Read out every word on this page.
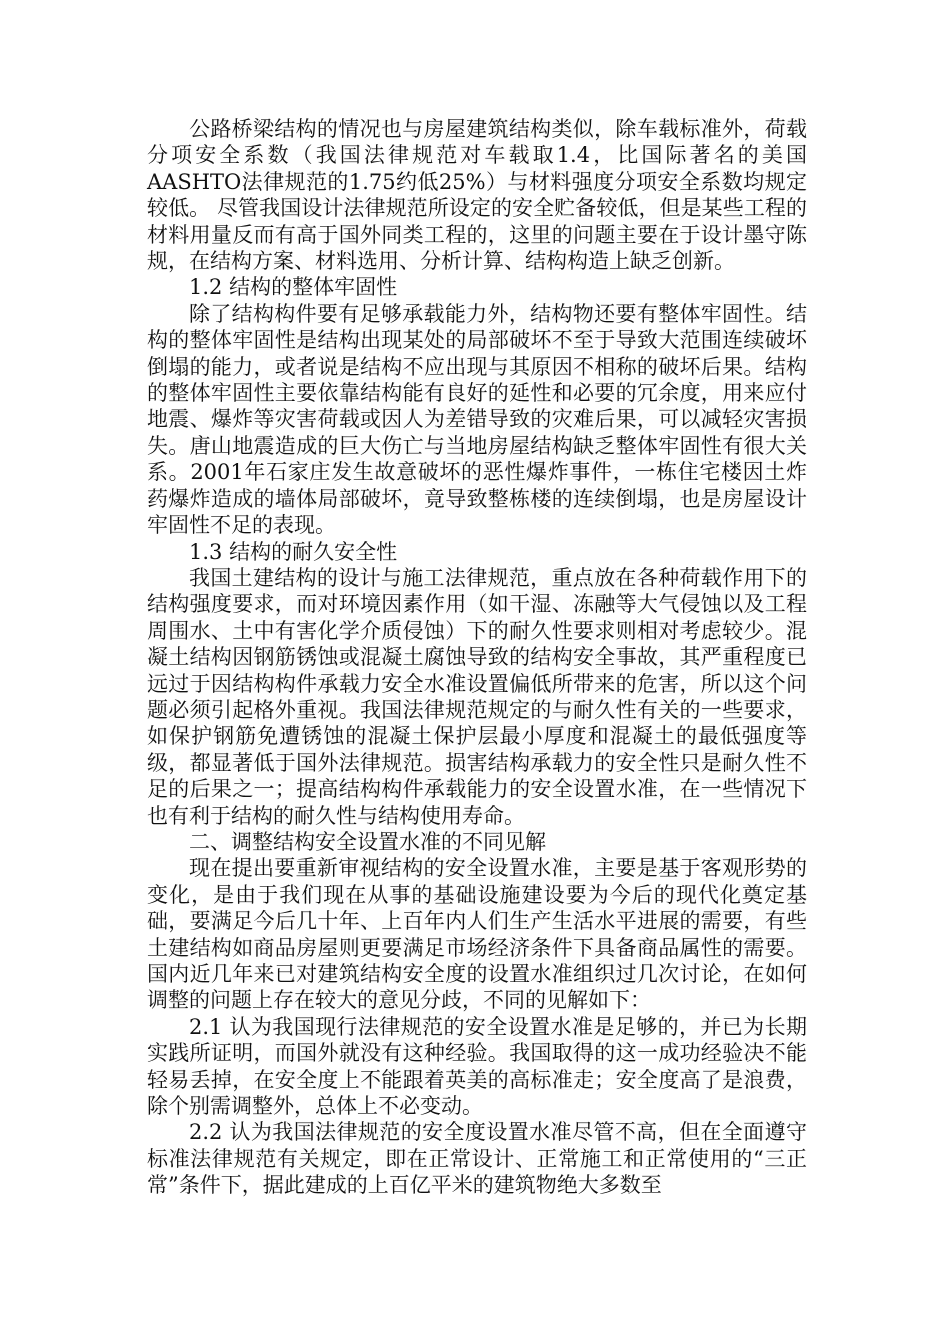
公路桥梁结构的情况也与房屋建筑结构类似，除车载标准外，荷载分项安全系数（我国法律规范对车载取1.4，比国际著名的美国AASHTO法律规范的1.75约低25%）与材料强度分项安全系数均规定较低。 尽管我国设计法律规范所设定的安全贮备较低，但是某些工程的材料用量反而有高于国外同类工程的，这里的问题主要在于设计墨守陈规，在结构方案、材料选用、分析计算、结构构造上缺乏创新。

1.2 结构的整体牢固性

除了结构构件要有足够承载能力外，结构物还要有整体牢固性。结构的整体牢固性是结构出现某处的局部破坏不至于导致大范围连续破坏倒塌的能力，或者说是结构不应出现与其原因不相称的破坏后果。结构的整体牢固性主要依靠结构能有良好的延性和必要的冗余度，用来应付地震、爆炸等灾害荷载或因人为差错导致的灾难后果，可以减轻灾害损失。唐山地震造成的巨大伤亡与当地房屋结构缺乏整体牢固性有很大关系。2001年石家庄发生故意破坏的恶性爆炸事件，一栋住宅楼因土炸药爆炸造成的墙体局部破坏，竟导致整栋楼的连续倒塌，也是房屋设计牢固性不足的表现。

1.3 结构的耐久安全性

我国土建结构的设计与施工法律规范，重点放在各种荷载作用下的结构强度要求，而对环境因素作用（如干湿、冻融等大气侵蚀以及工程周围水、土中有害化学介质侵蚀）下的耐久性要求则相对考虑较少。混凝土结构因钢筋锈蚀或混凝土腐蚀导致的结构安全事故，其严重程度已远过于因结构构件承载力安全水准设置偏低所带来的危害，所以这个问题必须引起格外重视。我国法律规范规定的与耐久性有关的一些要求，如保护钢筋免遭锈蚀的混凝土保护层最小厚度和混凝土的最低强度等级，都显著低于国外法律规范。损害结构承载力的安全性只是耐久性不足的后果之一；提高结构构件承载能力的安全设置水准，在一些情况下也有利于结构的耐久性与结构使用寿命。

二、调整结构安全设置水准的不同见解

现在提出要重新审视结构的安全设置水准，主要是基于客观形势的变化，是由于我们现在从事的基础设施建设要为今后的现代化奠定基础，要满足今后几十年、上百年内人们生产生活水平进展的需要，有些土建结构如商品房屋则更要满足市场经济条件下具备商品属性的需要。国内近几年来已对建筑结构安全度的设置水准组织过几次讨论，在如何调整的问题上存在较大的意见分歧，不同的见解如下：

2.1 认为我国现行法律规范的安全设置水准是足够的，并已为长期实践所证明，而国外就没有这种经验。我国取得的这一成功经验决不能轻易丢掉，在安全度上不能跟着英美的高标准走；安全度高了是浪费，除个别需调整外，总体上不必变动。

2.2 认为我国法律规范的安全度设置水准尽管不高，但在全面遵守标准法律规范有关规定，即在正常设计、正常施工和正常使用的“三正常”条件下，据此建成的上百亿平米的建筑物绝大多数至
